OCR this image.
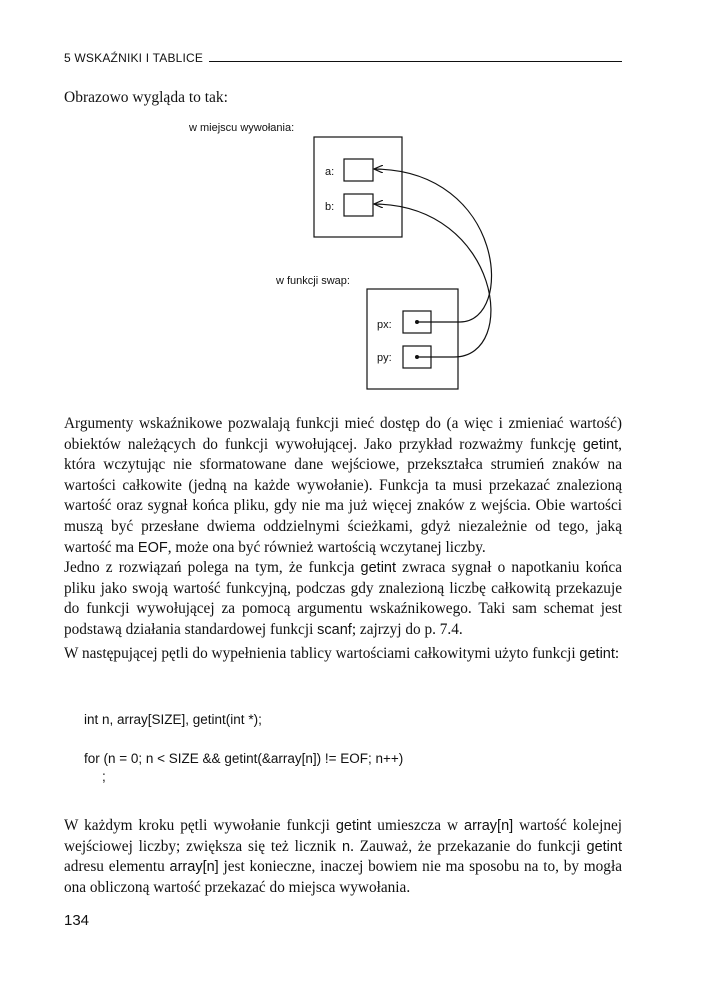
5 WSKAŹNIKI I TABLICE
Obrazowo wygląda to tak:
w miejscu wywołania:
a:
b:
w funkcji swap:
px:
py:

Argumenty wskaźnikowe pozwalają funkcji mieć dostęp do (a więc i zmieniać wartość) obiektów należących do funkcji wywołującej. Jako przykład rozważmy funkcję getint, która wczytując nie sformatowane dane wejściowe, przekształca strumień znaków na wartości całkowite (jedną na każde wywołanie). Funkcja ta musi przekazać znalezioną wartość oraz sygnał końca pliku, gdy nie ma już więcej znaków z wejścia. Obie wartości muszą być przesłane dwiema oddzielnymi ścieżkami, gdyż niezależnie od tego, jaką wartość ma EOF, może ona być również wartością wczytanej liczby.

Jedno z rozwiązań polega na tym, że funkcja getint zwraca sygnał o napotkaniu końca pliku jako swoją wartość funkcyjną, podczas gdy znalezioną liczbę całkowitą przekazuje do funkcji wywołującej za pomocą argumentu wskaźnikowego. Taki sam schemat jest podstawą działania standardowej funkcji scanf; zajrzyj do p. 7.4.

W następującej pętli do wypełnienia tablicy wartościami całkowitymi użyto funkcji getint:

int n, array[SIZE], getint(int *);
for (n = 0; n < SIZE && getint(&array[n]) != EOF; n++)
;

W każdym kroku pętli wywołanie funkcji getint umieszcza w array[n] wartość kolejnej wejściowej liczby; zwiększa się też licznik n. Zauważ, że przekazanie do funkcji getint adresu elementu array[n] jest konieczne, inaczej bowiem nie ma sposobu na to, by mogła ona obliczoną wartość przekazać do miejsca wywołania.

134
